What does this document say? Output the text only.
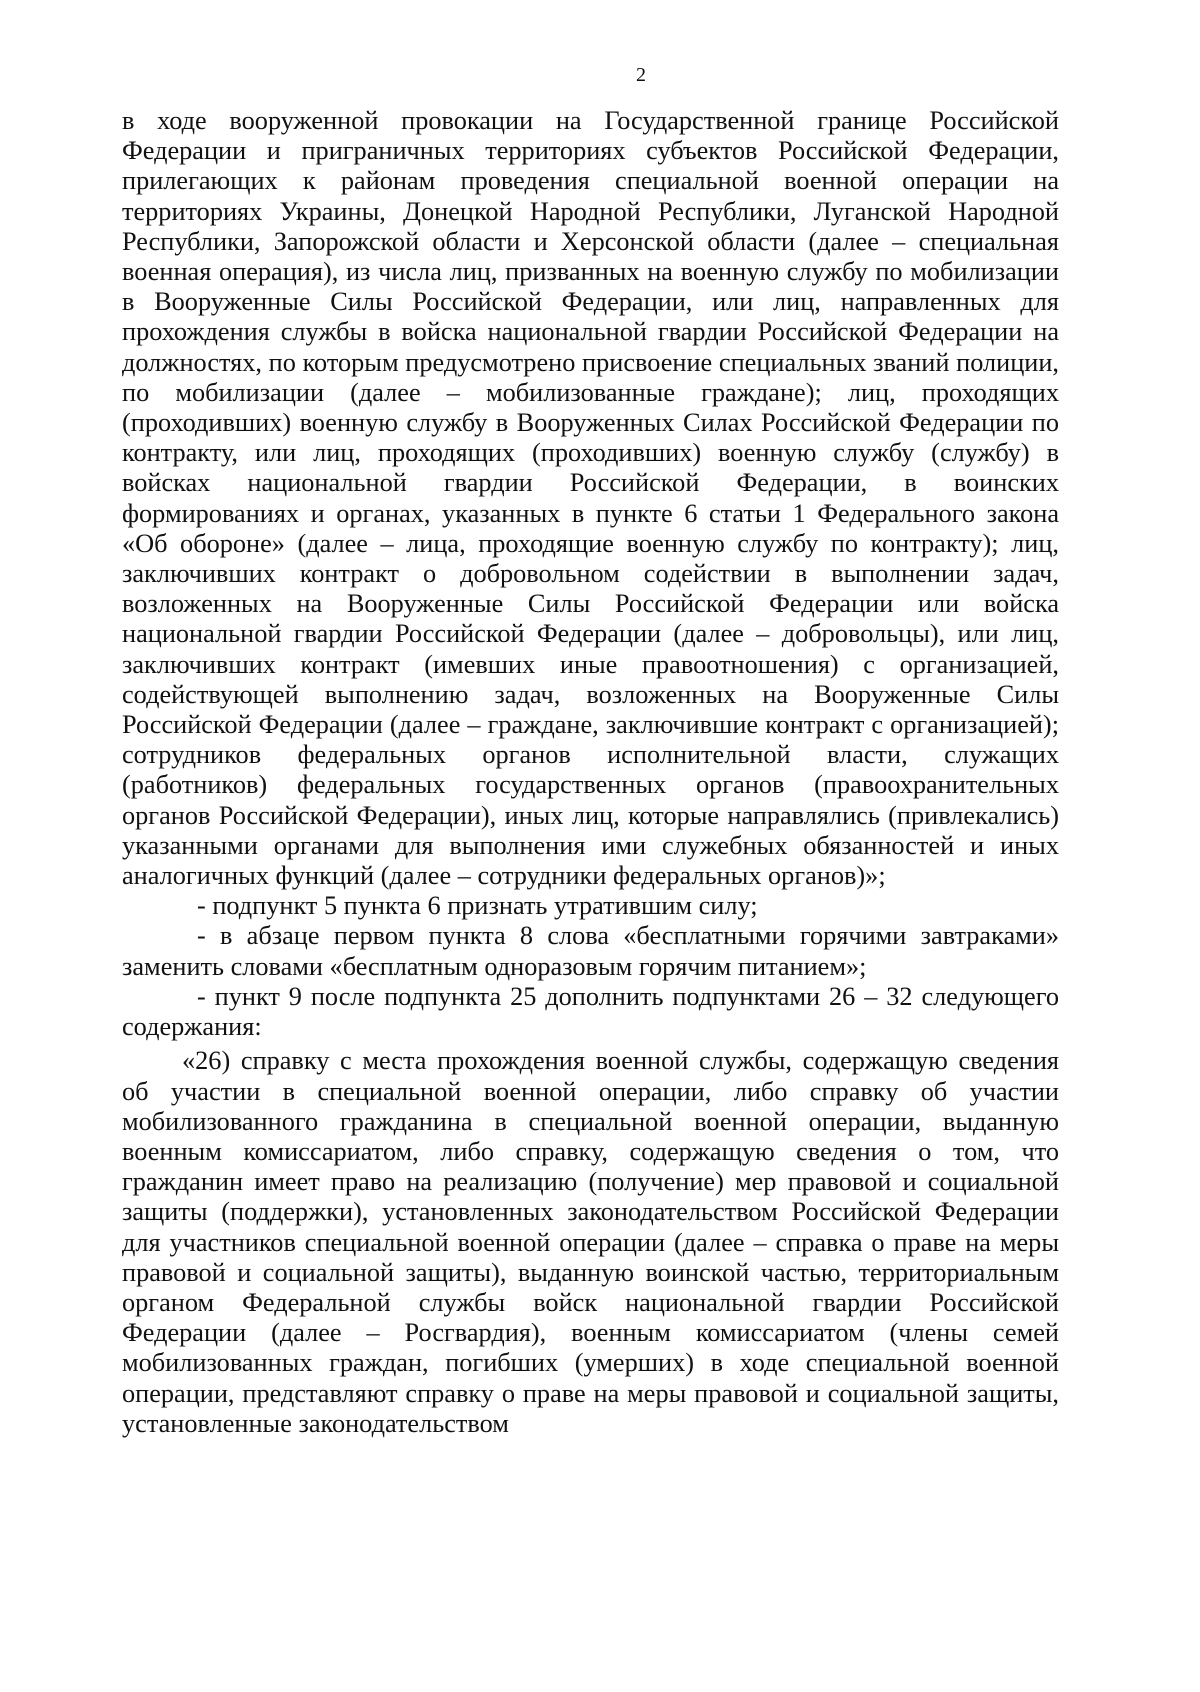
2

в ходе вооруженной провокации на Государственной границе Российской Федерации и приграничных территориях субъектов Российской Федерации, прилегающих к районам проведения специальной военной операции на территориях Украины, Донецкой Народной Республики, Луганской Народной Республики, Запорожской области и Херсонской области (далее – специальная военная операция), из числа лиц, призванных на военную службу по мобилизации в Вооруженные Силы Российской Федерации, или лиц, направленных для прохождения службы в войска национальной гвардии Российской Федерации на должностях, по которым предусмотрено присвоение специальных званий полиции, по мобилизации (далее – мобилизованные граждане); лиц, проходящих (проходивших) военную службу в Вооруженных Силах Российской Федерации по контракту, или лиц, проходящих (проходивших) военную службу (службу) в войсках национальной гвардии Российской Федерации, в воинских формированиях и органах, указанных в пункте 6 статьи 1 Федерального закона «Об обороне» (далее – лица, проходящие военную службу по контракту); лиц, заключивших контракт о добровольном содействии в выполнении задач, возложенных на Вооруженные Силы Российской Федерации или войска национальной гвардии Российской Федерации (далее – добровольцы), или лиц, заключивших контракт (имевших иные правоотношения) с организацией, содействующей выполнению задач, возложенных на Вооруженные Силы Российской Федерации (далее – граждане, заключившие контракт с организацией); сотрудников федеральных органов исполнительной власти, служащих (работников) федеральных государственных органов (правоохранительных органов Российской Федерации), иных лиц, которые направлялись (привлекались) указанными органами для выполнения ими служебных обязанностей и иных аналогичных функций (далее – сотрудники федеральных органов)»;

- подпункт 5 пункта 6 признать утратившим силу;

- в абзаце первом пункта 8 слова «бесплатными горячими завтраками» заменить словами «бесплатным одноразовым горячим питанием»;

- пункт 9 после подпункта 25 дополнить подпунктами 26 – 32 следующего содержания:

«26) справку с места прохождения военной службы, содержащую сведения об участии в специальной военной операции, либо справку об участии мобилизованного гражданина в специальной военной операции, выданную военным комиссариатом, либо справку, содержащую сведения о том, что гражданин имеет право на реализацию (получение) мер правовой и социальной защиты (поддержки), установленных законодательством Российской Федерации для участников специальной военной операции (далее – справка о праве на меры правовой и социальной защиты), выданную воинской частью, территориальным органом Федеральной службы войск национальной гвардии Российской Федерации (далее – Росгвардия), военным комиссариатом (члены семей мобилизованных граждан, погибших (умерших) в ходе специальной военной операции, представляют справку о праве на меры правовой и социальной защиты, установленные законодательством
